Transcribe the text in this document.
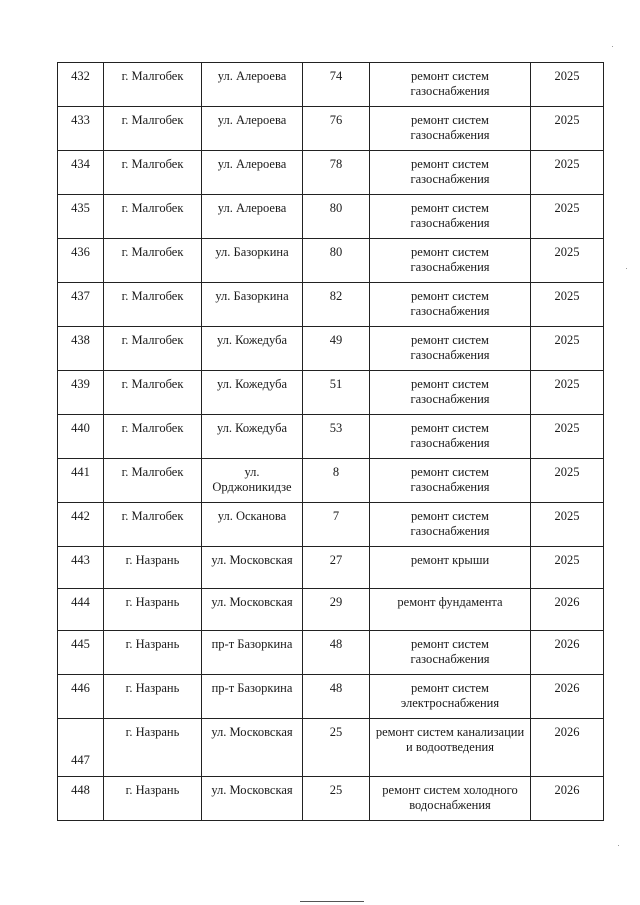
432	г. Малгобек	ул. Алероева	74	ремонт систем газоснабжения	2025
433	г. Малгобек	ул. Алероева	76	ремонт систем газоснабжения	2025
434	г. Малгобек	ул. Алероева	78	ремонт систем газоснабжения	2025
435	г. Малгобек	ул. Алероева	80	ремонт систем газоснабжения	2025
436	г. Малгобек	ул. Базоркина	80	ремонт систем газоснабжения	2025
437	г. Малгобек	ул. Базоркина	82	ремонт систем газоснабжения	2025
438	г. Малгобек	ул. Кожедуба	49	ремонт систем газоснабжения	2025
439	г. Малгобек	ул. Кожедуба	51	ремонт систем газоснабжения	2025
440	г. Малгобек	ул. Кожедуба	53	ремонт систем газоснабжения	2025
441	г. Малгобек	ул. Орджоникидзе	8	ремонт систем газоснабжения	2025
442	г. Малгобек	ул. Осканова	7	ремонт систем газоснабжения	2025
443	г. Назрань	ул. Московская	27	ремонт крыши	2025
444	г. Назрань	ул. Московская	29	ремонт фундамента	2026
445	г. Назрань	пр-т Базоркина	48	ремонт систем газоснабжения	2026
446	г. Назрань	пр-т Базоркина	48	ремонт систем электроснабжения	2026
447	г. Назрань	ул. Московская	25	ремонт систем канализации и водоотведения	2026
448	г. Назрань	ул. Московская	25	ремонт систем холодного водоснабжения	2026
